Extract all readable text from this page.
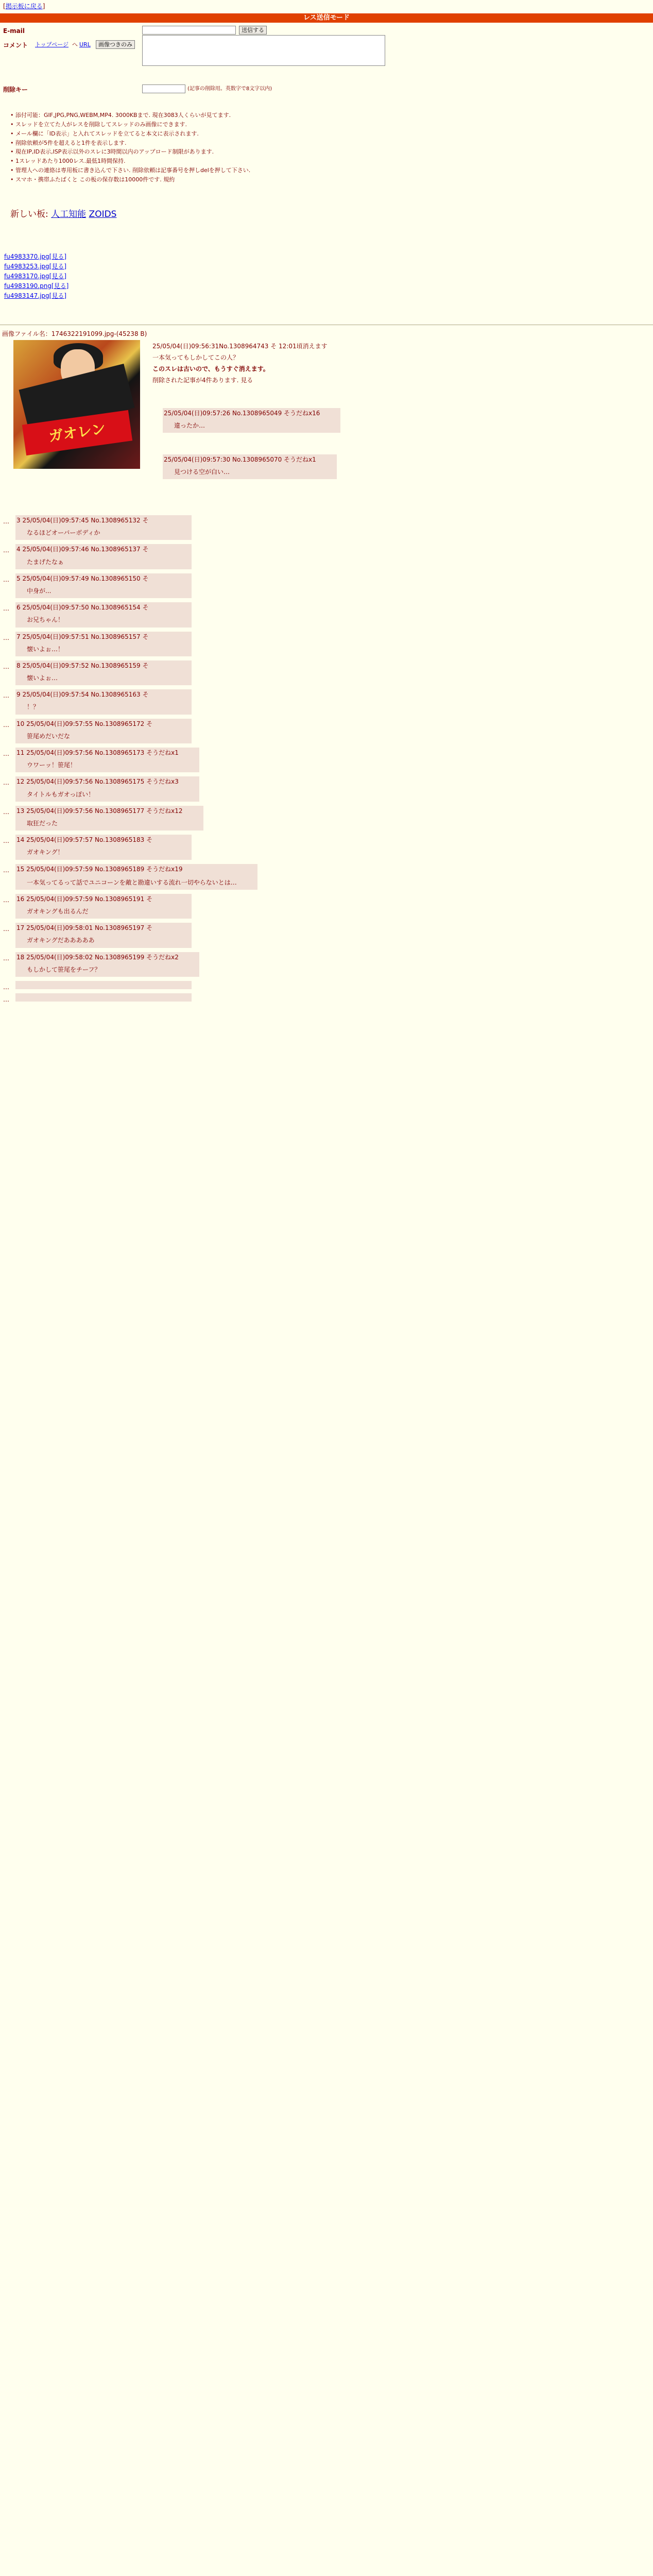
[掲示板に戻る]
レス送信モード
E-mail	送信する
コメント トップページ へ URL	画像つきのみ
削除キー	(記事の削除用。英数字で8文字以内)
• 添付可能：GIF,JPG,PNG,WEBM,MP4. 3000KBまで. 現在3083人くらいが見てます.
• スレッドを立てた人がレスを削除してスレッドのみ画像にできます.
• メール欄に「ID表示」と入れてスレッドを立てると本文に表示されます.
• 削除依頼が5件を超えると1件を表示します.
• 現在IP,ID表示,ISP表示以外のスレに3時間以内のアップロード制限があります.
• 1スレッドあたり1000レス.最低1時間保持.
• 管理人への連絡は専用板に書き込んで下さい. 削除依頼は記事番号を押しdelを押して下さい.
• スマホ・携帯ふたばくと この板の保存数は10000件です. 規約
新しい板: 人工知能 ZOIDS
fu4983370.jpg[見る]
fu4983253.jpg[見る]
fu4983170.jpg[見る]
fu4983190.png[見る]
fu4983147.jpg[見る]
画像ファイル名：1746322191099.jpg-(45238 B)
ガオレン
25/05/04(日)09:56:31No.1308964743 そ 12:01頃消えます
一本気ってもしかしてこの人？
このスレは古いので、もうすぐ消えます。
削除された記事が4件あります. 見る
25/05/04(日)09:57:26 No.1308965049 そうだねx16
違ったか…
25/05/04(日)09:57:30 No.1308965070 そうだねx1
見つける空が白い…
… 3 25/05/04(日)09:57:45 No.1308965132 そ
なるほどオーバーボディか
… 4 25/05/04(日)09:57:46 No.1308965137 そ
たまげたなぁ
… 5 25/05/04(日)09:57:49 No.1308965150 そ
中身が...
… 6 25/05/04(日)09:57:50 No.1308965154 そ
お兄ちゃん！
… 7 25/05/04(日)09:57:51 No.1308965157 そ
懐いよぉ…！
… 8 25/05/04(日)09:57:52 No.1308965159 そ
懐いよぉ…
… 9 25/05/04(日)09:57:54 No.1308965163 そ
！？
… 10 25/05/04(日)09:57:55 No.1308965172 そ
笹尾めだいだな
… 11 25/05/04(日)09:57:56 No.1308965173 そうだねx1
ウワーッ！笹尾！
… 12 25/05/04(日)09:57:56 No.1308965175 そうだねx3
タイトルもガオっぽい！
… 13 25/05/04(日)09:57:56 No.1308965177 そうだねx12
取狂だった
… 14 25/05/04(日)09:57:57 No.1308965183 そ
ガオキング！
… 15 25/05/04(日)09:57:59 No.1308965189 そうだねx19
一本気ってるって話でユニコーンを敵と勘違いする流れ一切やらないとは…
… 16 25/05/04(日)09:57:59 No.1308965191 そ
ガオキングも出るんだ
… 17 25/05/04(日)09:58:01 No.1308965197 そ
ガオキングだあああああ
… 18 25/05/04(日)09:58:02 No.1308965199 そうだねx2
もしかして笹尾をチーフ？
…
…
